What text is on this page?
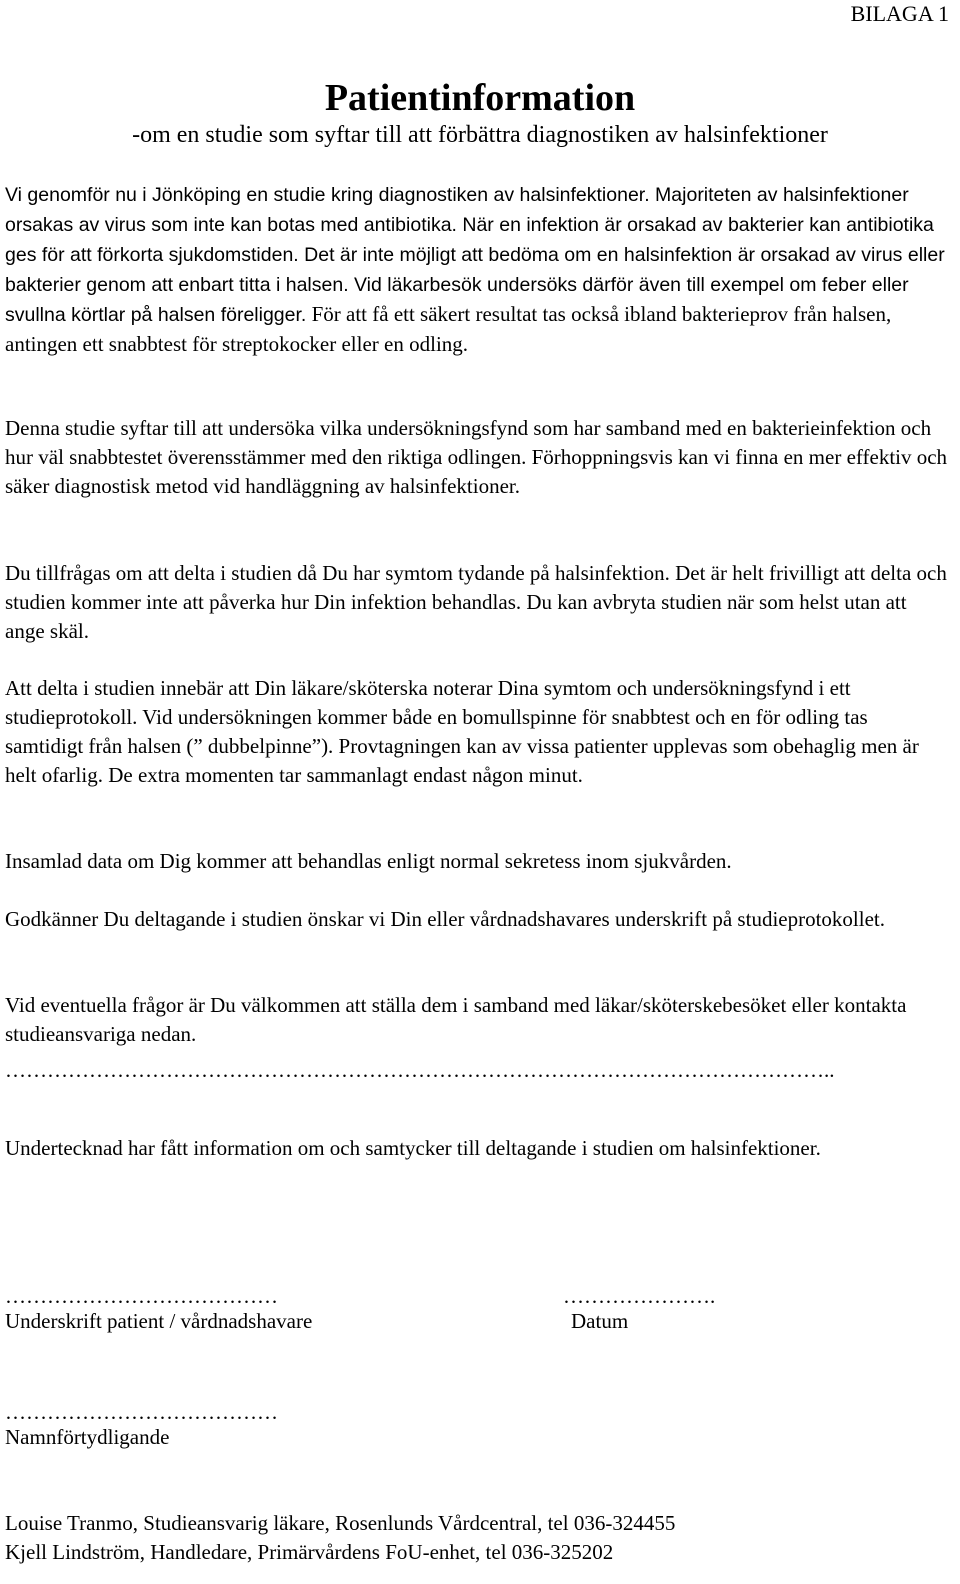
BILAGA 1
Patientinformation
-om en studie som syftar till att förbättra diagnostiken av halsinfektioner

Vi genomför nu i Jönköping en studie kring diagnostiken av halsinfektioner. Majoriteten av halsinfektioner orsakas av virus som inte kan botas med antibiotika. När en infektion är orsakad av bakterier kan antibiotika ges för att förkorta sjukdomstiden. Det är inte möjligt att bedöma om en halsinfektion är orsakad av virus eller bakterier genom att enbart titta i halsen. Vid läkarbesök undersöks därför även till exempel om feber eller svullna körtlar på halsen föreligger. För att få ett säkert resultat tas också ibland bakterieprov från halsen, antingen ett snabbtest för streptokocker eller en odling.

Denna studie syftar till att undersöka vilka undersökningsfynd som har samband med en bakterieinfektion och hur väl snabbtestet överensstämmer med den riktiga odlingen. Förhoppningsvis kan vi finna en mer effektiv och säker diagnostisk metod vid handläggning av halsinfektioner.

Du tillfrågas om att delta i studien då Du har symtom tydande på halsinfektion. Det är helt frivilligt att delta och studien kommer inte att påverka hur Din infektion behandlas. Du kan avbryta studien när som helst utan att ange skäl.

Att delta i studien innebär att Din läkare/sköterska noterar Dina symtom och undersökningsfynd i ett studieprotokoll. Vid undersökningen kommer både en bomullspinne för snabbtest och en för odling tas samtidigt från halsen (” dubbelpinne”). Provtagningen kan av vissa patienter upplevas som obehaglig men är helt ofarlig. De extra momenten tar sammanlagt endast någon minut.

Insamlad data om Dig kommer att behandlas enligt normal sekretess inom sjukvården.

Godkänner Du deltagande i studien önskar vi Din eller vårdnadshavares underskrift på studieprotokollet.

Vid eventuella frågor är Du välkommen att ställa dem i samband med läkar/sköterskebesöket eller kontakta studieansvariga nedan.

………………………………………………………………………………………………………..

Undertecknad har fått information om och samtycker till deltagande i studien om halsinfektioner.

…………………………………
Underskrift patient / vårdnadshavare
………………….
Datum
…………………………………
Namnförtydligande
Louise Tranmo, Studieansvarig läkare, Rosenlunds Vårdcentral, tel 036-324455
Kjell Lindström, Handledare, Primärvårdens FoU-enhet, tel 036-325202
